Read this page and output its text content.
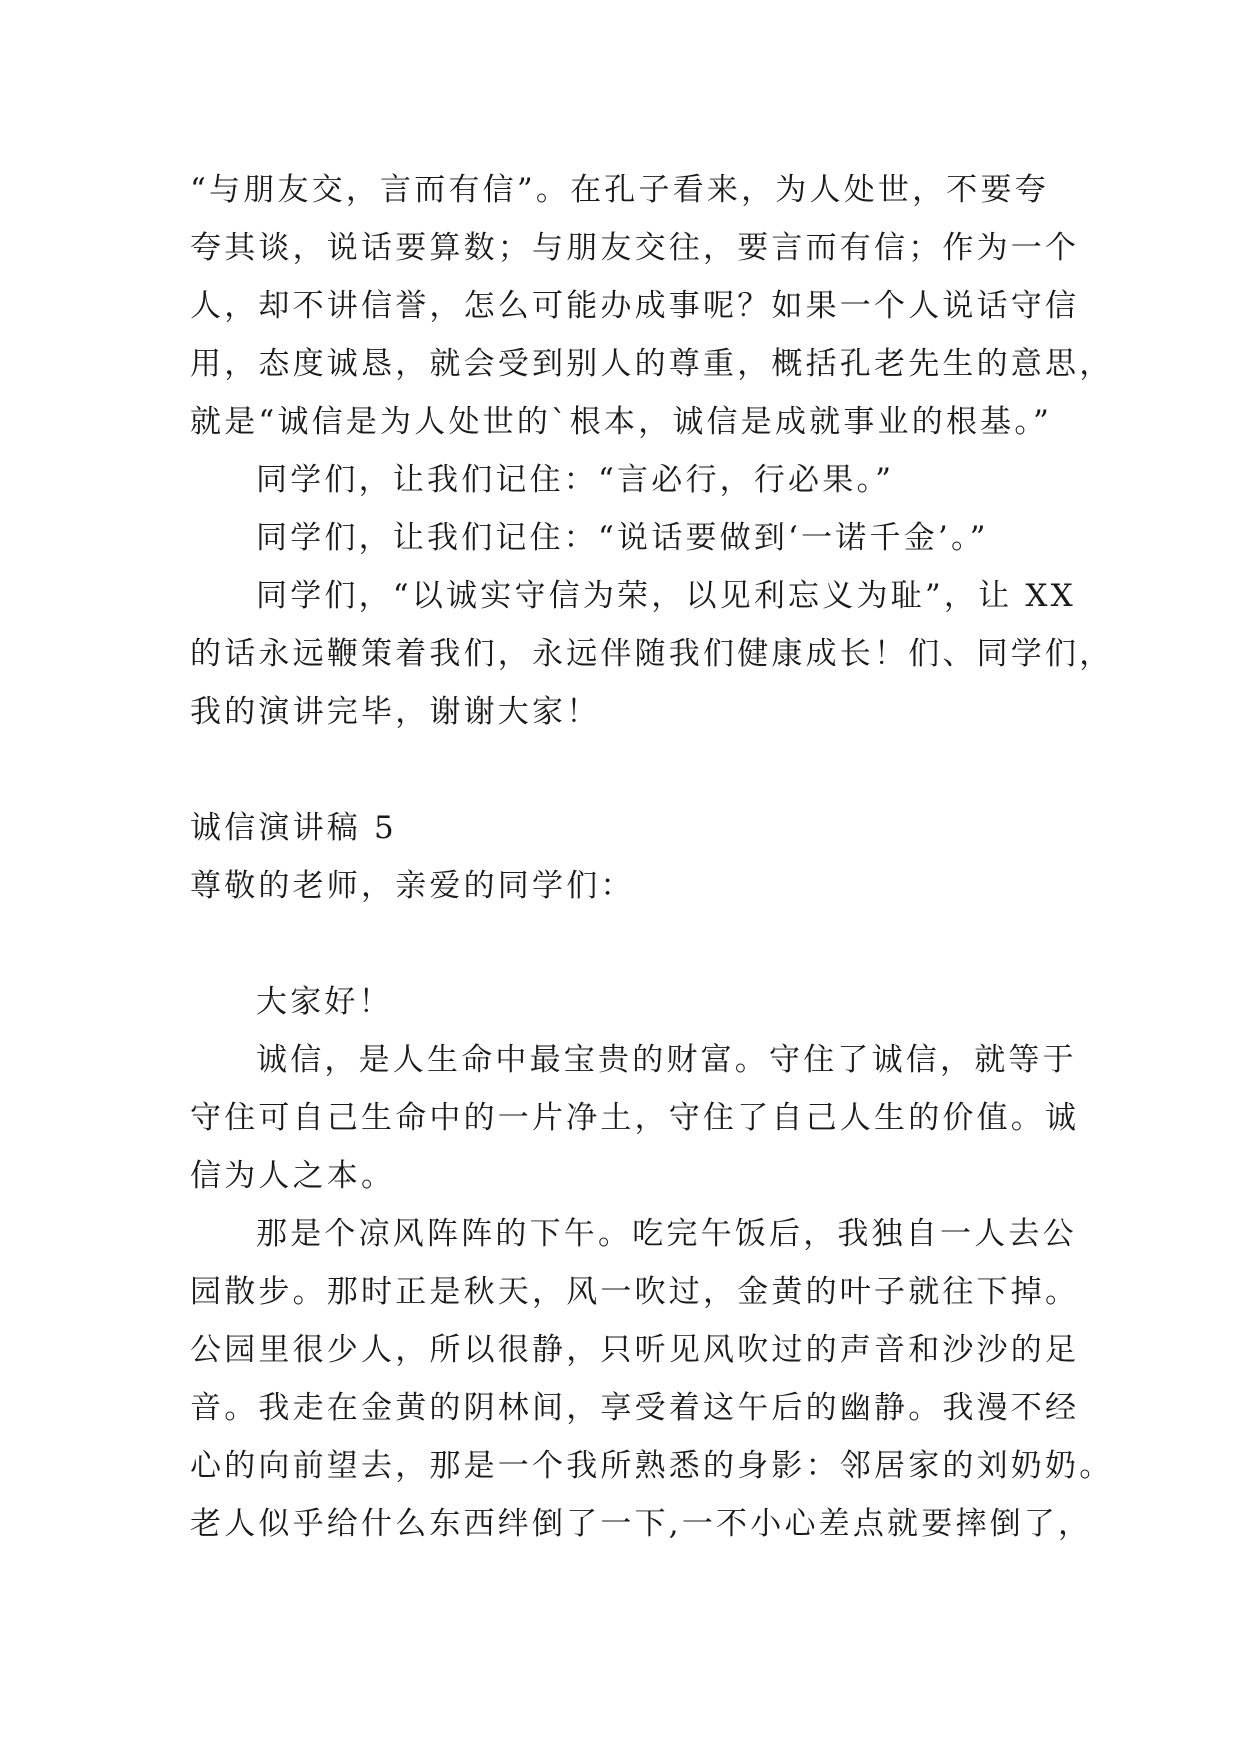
“与朋友交，言而有信”。在孔子看来，为人处世，不要夸
夸其谈，说话要算数；与朋友交往，要言而有信；作为一个
人，却不讲信誉，怎么可能办成事呢？如果一个人说话守信
用，态度诚恳，就会受到别人的尊重，概括孔老先生的意思，
就是“诚信是为人处世的`根本，诚信是成就事业的根基。”
同学们，让我们记住：“言必行，行必果。”
同学们，让我们记住：“说话要做到‘一诺千金’。”
同学们，“以诚实守信为荣，以见利忘义为耻”，让 XX
的话永远鞭策着我们，永远伴随我们健康成长！们、同学们，
我的演讲完毕，谢谢大家！
诚信演讲稿 5
尊敬的老师，亲爱的同学们：
大家好！
诚信，是人生命中最宝贵的财富。守住了诚信，就等于
守住可自己生命中的一片净土，守住了自己人生的价值。诚
信为人之本。
那是个凉风阵阵的下午。吃完午饭后，我独自一人去公
园散步。那时正是秋天，风一吹过，金黄的叶子就往下掉。
公园里很少人，所以很静，只听见风吹过的声音和沙沙的足
音。我走在金黄的阴林间，享受着这午后的幽静。我漫不经
心的向前望去，那是一个我所熟悉的身影：邻居家的刘奶奶。
老人似乎给什么东西绊倒了一下,一不小心差点就要摔倒了，
